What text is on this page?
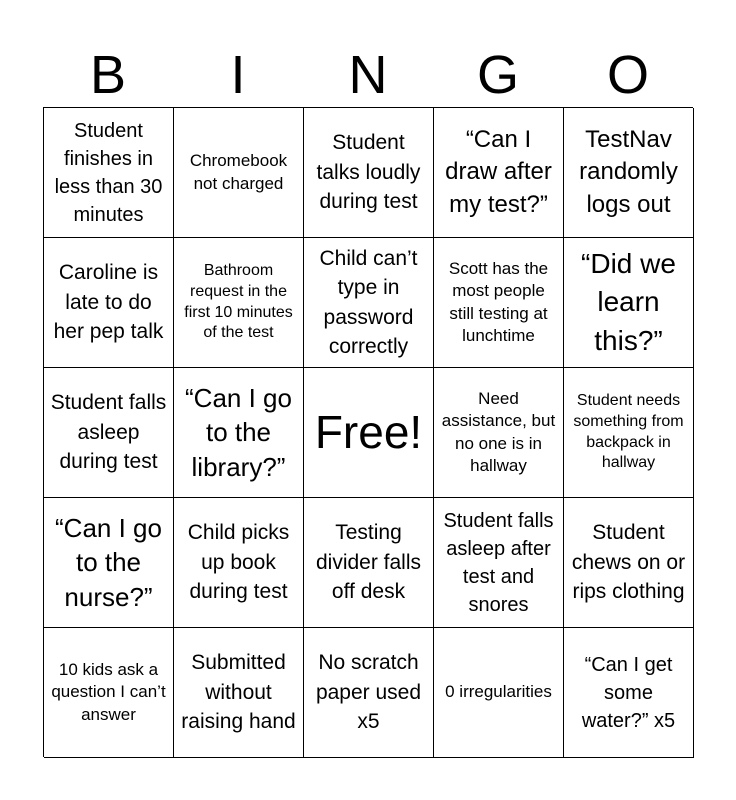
B	I	N	G	O
Student finishes in less than 30 minutes
Chromebook not charged
Student talks loudly during test
“Can I draw after my test?”
TestNav randomly logs out
Caroline is late to do her pep talk
Bathroom request in the first 10 minutes of the test
Child can’t type in password correctly
Scott has the most people still testing at lunchtime
“Did we learn this?”
Student falls asleep during test
“Can I go to the library?”
Free!
Need assistance, but no one is in hallway
Student needs something from backpack in hallway
“Can I go to the nurse?”
Child picks up book during test
Testing divider falls off desk
Student falls asleep after test and snores
Student chews on or rips clothing
10 kids ask a question I can’t answer
Submitted without raising hand
No scratch paper used x5
0 irregularities
“Can I get some water?” x5
